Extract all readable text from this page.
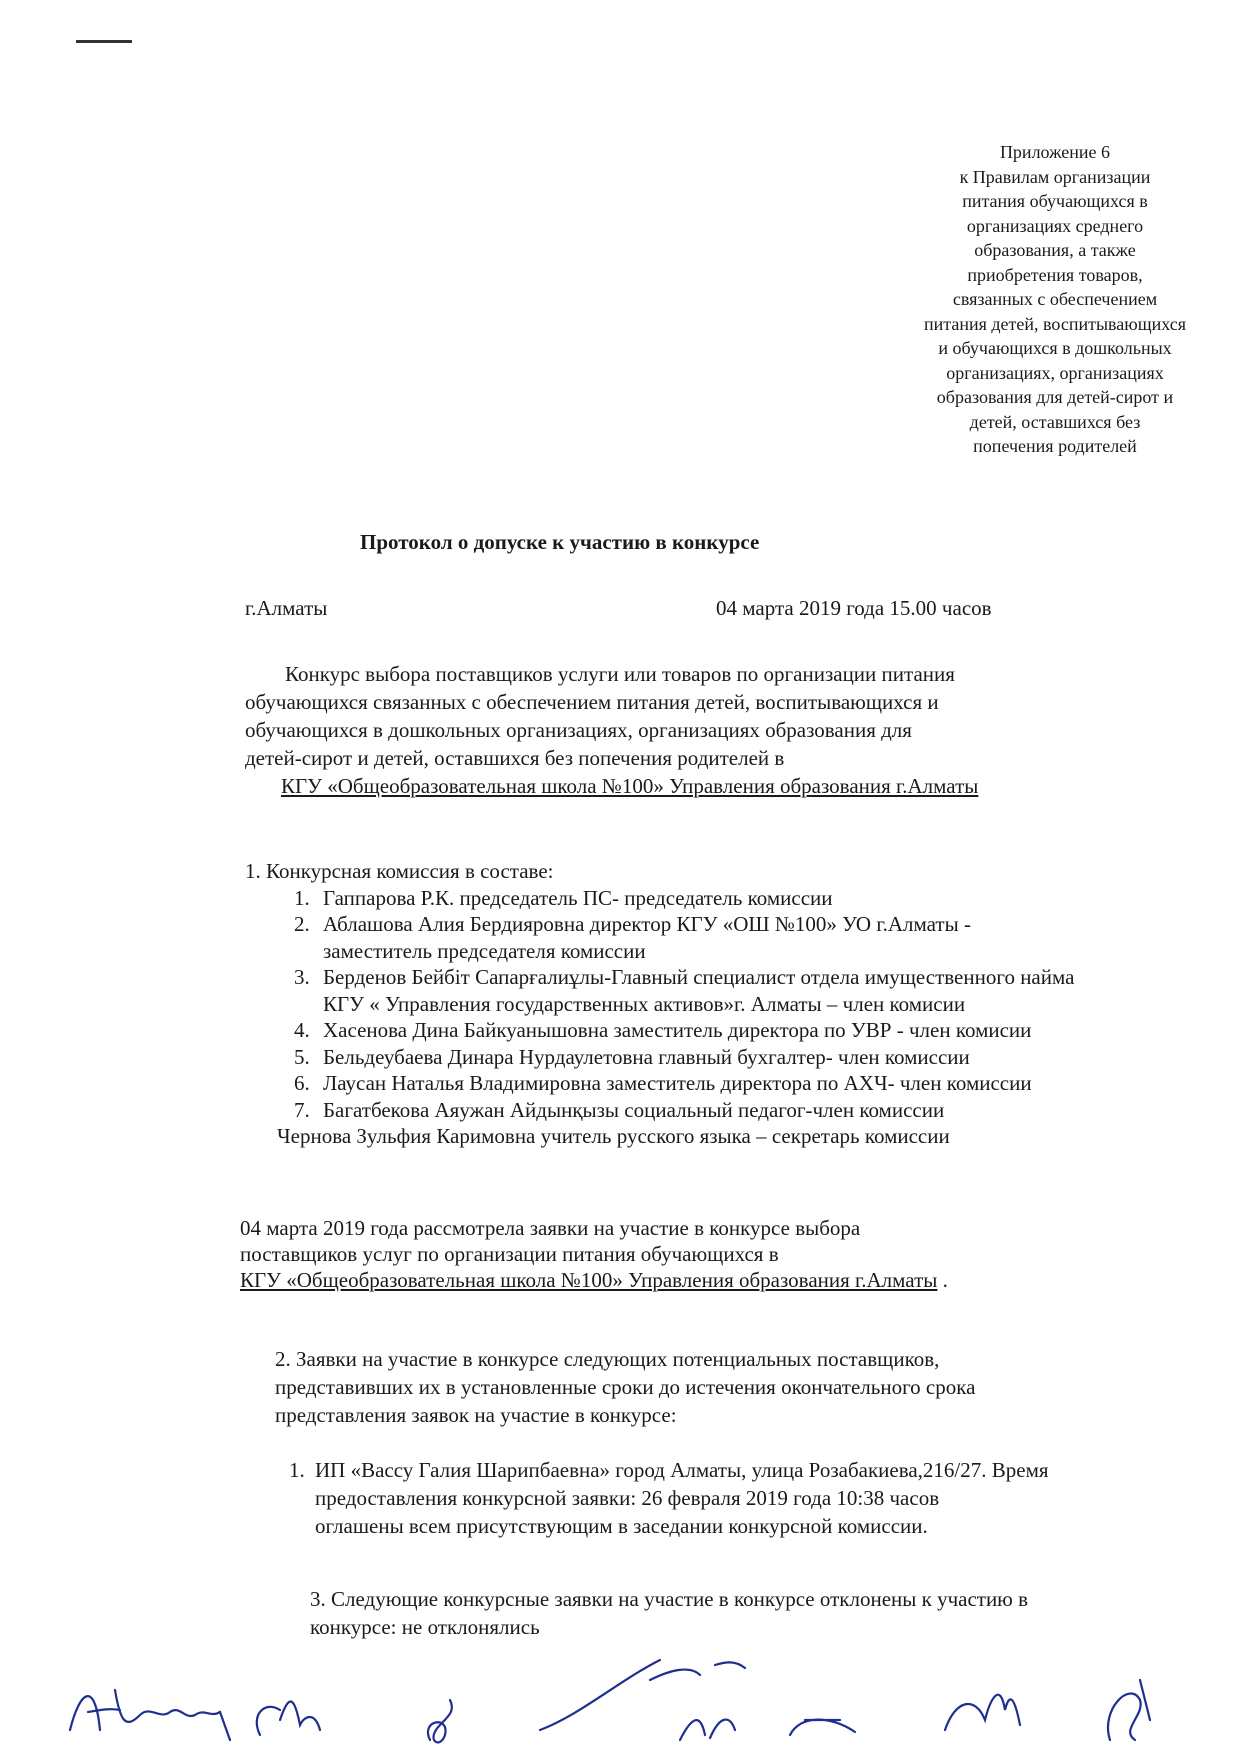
Приложение 6
к Правилам организации
питания обучающихся в
организациях среднего
образования, а также
приобретения товаров,
связанных с обеспечением
питания детей, воспитывающихся
и обучающихся в дошкольных
организациях, организациях
образования для детей-сирот и
детей, оставшихся без
попечения родителей
Протокол о допуске к участию в конкурсе
г.Алматы	04 марта 2019 года 15.00 часов
Конкурс выбора поставщиков услуги или товаров по организации питания
обучающихся связанных с обеспечением питания детей, воспитывающихся и
обучающихся в дошкольных организациях, организациях образования для
детей-сирот и детей, оставшихся без попечения родителей в
КГУ «Общеобразовательная школа №100» Управления образования г.Алматы
1. Конкурсная комиссия в составе:
1. Гаппарова Р.К. председатель ПС- председатель комиссии
2. Аблашова Алия Бердияровна директор КГУ «ОШ №100» УО г.Алматы -
заместитель председателя комиссии
3. Берденов Бейбіт Сапарғалиұлы-Главный специалист отдела имущественного найма
КГУ « Управления государственных активов»г. Алматы – член комисии
4. Хасенова Дина Байкуанышовна заместитель директора по УВР - член комисии
5. Бельдеубаева Динара Нурдаулетовна главный бухгалтер- член комиссии
6. Лаусан Наталья Владимировна заместитель директора по АХЧ- член комиссии
7. Багатбекова Аяужан Айдынқызы социальный педагог-член комиссии
Чернова Зульфия Каримовна учитель русского языка – секретарь комиссии
04 марта 2019 года рассмотрела заявки на участие в конкурсе выбора
поставщиков услуг по организации питания обучающихся в
КГУ «Общеобразовательная школа №100» Управления образования г.Алматы .
2. Заявки на участие в конкурсе следующих потенциальных поставщиков,
представивших их в установленные сроки до истечения окончательного срока
представления заявок на участие в конкурсе:
1. ИП «Вассу Галия Шарипбаевна» город Алматы, улица Розабакиева,216/27. Время
предоставления конкурсной заявки: 26 февраля 2019 года 10:38 часов
оглашены всем присутствующим в заседании конкурсной комиссии.
3. Следующие конкурсные заявки на участие в конкурсе отклонены к участию в
конкурсе: не отклонялись
